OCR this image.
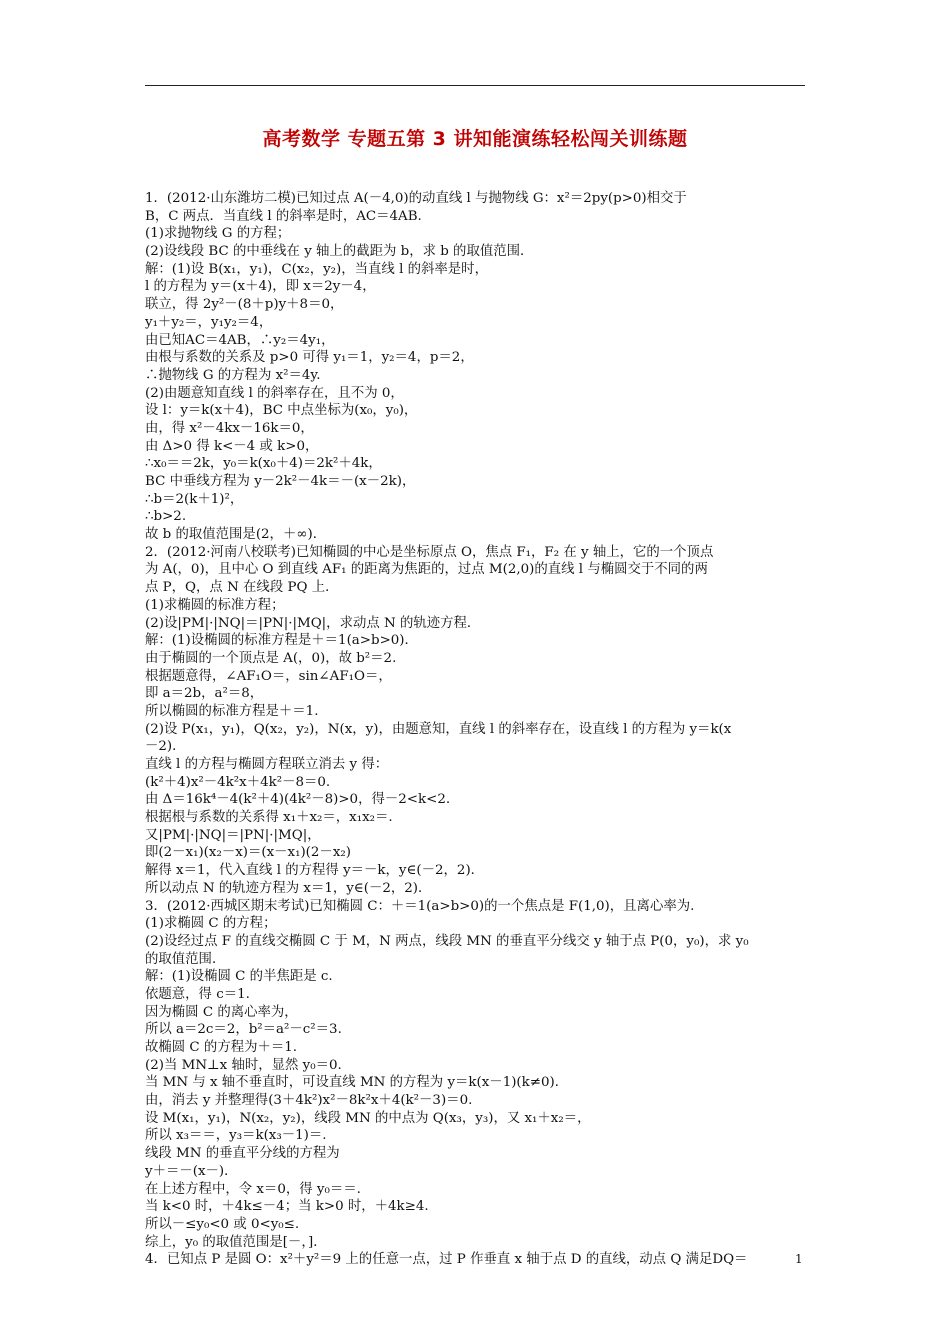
高考数学 专题五第 3 讲知能演练轻松闯关训练题
1．(2012·山东潍坊二模)已知过点 A(－4,0)的动直线 l 与抛物线 G：x²＝2py(p>0)相交于
B，C 两点．当直线 l 的斜率是时，AC＝4AB.
(1)求抛物线 G 的方程；
(2)设线段 BC 的中垂线在 y 轴上的截距为 b，求 b 的取值范围．
解：(1)设 B(x₁，y₁)，C(x₂，y₂)，当直线 l 的斜率是时，
l 的方程为 y＝(x＋4)，即 x＝2y－4，
联立，得 2y²－(8＋p)y＋8＝0，
y₁＋y₂＝，y₁y₂＝4，
由已知AC＝4AB，∴y₂＝4y₁，
由根与系数的关系及 p>0 可得 y₁＝1，y₂＝4，p＝2，
∴抛物线 G 的方程为 x²＝4y.
(2)由题意知直线 l 的斜率存在，且不为 0，
设 l：y＝k(x＋4)，BC 中点坐标为(x₀，y₀)，
由，得 x²－4kx－16k＝0，
由 Δ>0 得 k<－4 或 k>0，
∴x₀＝＝2k，y₀＝k(x₀＋4)＝2k²＋4k，
BC 中垂线方程为 y－2k²－4k＝－(x－2k)，
∴b＝2(k＋1)²，
∴b>2.
故 b 的取值范围是(2，＋∞)．
2．(2012·河南八校联考)已知椭圆的中心是坐标原点 O，焦点 F₁，F₂ 在 y 轴上，它的一个顶点
为 A(，0)，且中心 O 到直线 AF₁ 的距离为焦距的，过点 M(2,0)的直线 l 与椭圆交于不同的两
点 P，Q，点 N 在线段 PQ 上．
(1)求椭圆的标准方程；
(2)设|PM|·|NQ|＝|PN|·|MQ|，求动点 N 的轨迹方程．
解：(1)设椭圆的标准方程是＋＝1(a>b>0)．
由于椭圆的一个顶点是 A(，0)，故 b²＝2.
根据题意得，∠AF₁O＝，sin∠AF₁O＝，
即 a＝2b，a²＝8，
所以椭圆的标准方程是＋＝1.
(2)设 P(x₁，y₁)，Q(x₂，y₂)，N(x，y)，由题意知，直线 l 的斜率存在，设直线 l 的方程为 y＝k(x
－2)．
直线 l 的方程与椭圆方程联立消去 y 得：
(k²＋4)x²－4k²x＋4k²－8＝0.
由 Δ＝16k⁴－4(k²＋4)(4k²－8)>0，得－2<k<2.
根据根与系数的关系得 x₁＋x₂＝，x₁x₂＝.
又|PM|·|NQ|＝|PN|·|MQ|，
即(2－x₁)(x₂－x)＝(x－x₁)(2－x₂)
解得 x＝1，代入直线 l 的方程得 y＝－k，y∈(－2，2)．
所以动点 N 的轨迹方程为 x＝1，y∈(－2，2)．
3．(2012·西城区期末考试)已知椭圆 C：＋＝1(a>b>0)的一个焦点是 F(1,0)，且离心率为.
(1)求椭圆 C 的方程；
(2)设经过点 F 的直线交椭圆 C 于 M，N 两点，线段 MN 的垂直平分线交 y 轴于点 P(0，y₀)，求 y₀
的取值范围．
解：(1)设椭圆 C 的半焦距是 c.
依题意，得 c＝1.
因为椭圆 C 的离心率为，
所以 a＝2c＝2，b²＝a²－c²＝3.
故椭圆 C 的方程为＋＝1.
(2)当 MN⊥x 轴时，显然 y₀＝0.
当 MN 与 x 轴不垂直时，可设直线 MN 的方程为 y＝k(x－1)(k≠0)．
由，消去 y 并整理得(3＋4k²)x²－8k²x＋4(k²－3)＝0.
设 M(x₁，y₁)，N(x₂，y₂)，线段 MN 的中点为 Q(x₃，y₃)，又 x₁＋x₂＝，
所以 x₃＝＝，y₃＝k(x₃－1)＝.
线段 MN 的垂直平分线的方程为
y＋＝－(x－)．
在上述方程中，令 x＝0，得 y₀＝＝.
当 k<0 时，＋4k≤－4；当 k>0 时，＋4k≥4.
所以－≤y₀<0 或 0<y₀≤.
综上，y₀ 的取值范围是[－，]．
4．已知点 P 是圆 O：x²＋y²＝9 上的任意一点，过 P 作垂直 x 轴于点 D 的直线，动点 Q 满足DQ＝	1
